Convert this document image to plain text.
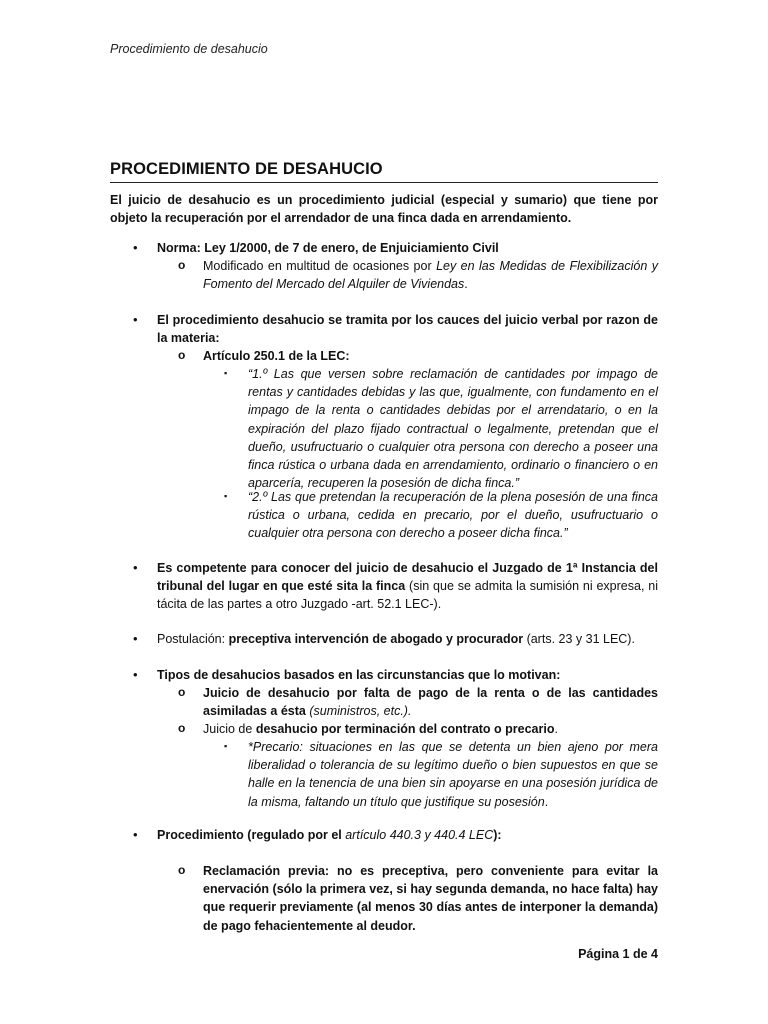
Procedimiento de desahucio
PROCEDIMIENTO DE DESAHUCIO
El juicio de desahucio es un procedimiento judicial (especial y sumario) que tiene por objeto la recuperación por el arrendador de una finca dada en arrendamiento.
• Norma: Ley 1/2000, de 7 de enero, de Enjuiciamiento Civil
o Modificado en multitud de ocasiones por Ley en las Medidas de Flexibilización y Fomento del Mercado del Alquiler de Viviendas.
• El procedimiento desahucio se tramita por los cauces del juicio verbal por razon de la materia:
o Artículo 250.1 de la LEC:
▪ “1.º Las que versen sobre reclamación de cantidades por impago de rentas y cantidades debidas y las que, igualmente, con fundamento en el impago de la renta o cantidades debidas por el arrendatario, o en la expiración del plazo fijado contractual o legalmente, pretendan que el dueño, usufructuario o cualquier otra persona con derecho a poseer una finca rústica o urbana dada en arrendamiento, ordinario o financiero o en aparcería, recuperen la posesión de dicha finca.”
▪ “2.º Las que pretendan la recuperación de la plena posesión de una finca rústica o urbana, cedida en precario, por el dueño, usufructuario o cualquier otra persona con derecho a poseer dicha finca.”
• Es competente para conocer del juicio de desahucio el Juzgado de 1ª Instancia del tribunal del lugar en que esté sita la finca (sin que se admita la sumisión ni expresa, ni tácita de las partes a otro Juzgado -art. 52.1 LEC-).
• Postulación: preceptiva intervención de abogado y procurador (arts. 23 y 31 LEC).
• Tipos de desahucios basados en las circunstancias que lo motivan:
o Juicio de desahucio por falta de pago de la renta o de las cantidades asimiladas a ésta (suministros, etc.).
o Juicio de desahucio por terminación del contrato o precario.
▪ *Precario: situaciones en las que se detenta un bien ajeno por mera liberalidad o tolerancia de su legítimo dueño o bien supuestos en que se halle en la tenencia de una bien sin apoyarse en una posesión jurídica de la misma, faltando un título que justifique su posesión.
• Procedimiento (regulado por el artículo 440.3 y 440.4 LEC):
o Reclamación previa: no es preceptiva, pero conveniente para evitar la enervación (sólo la primera vez, si hay segunda demanda, no hace falta) hay que requerir previamente (al menos 30 días antes de interponer la demanda) de pago fehacientemente al deudor.
Página 1 de 4
